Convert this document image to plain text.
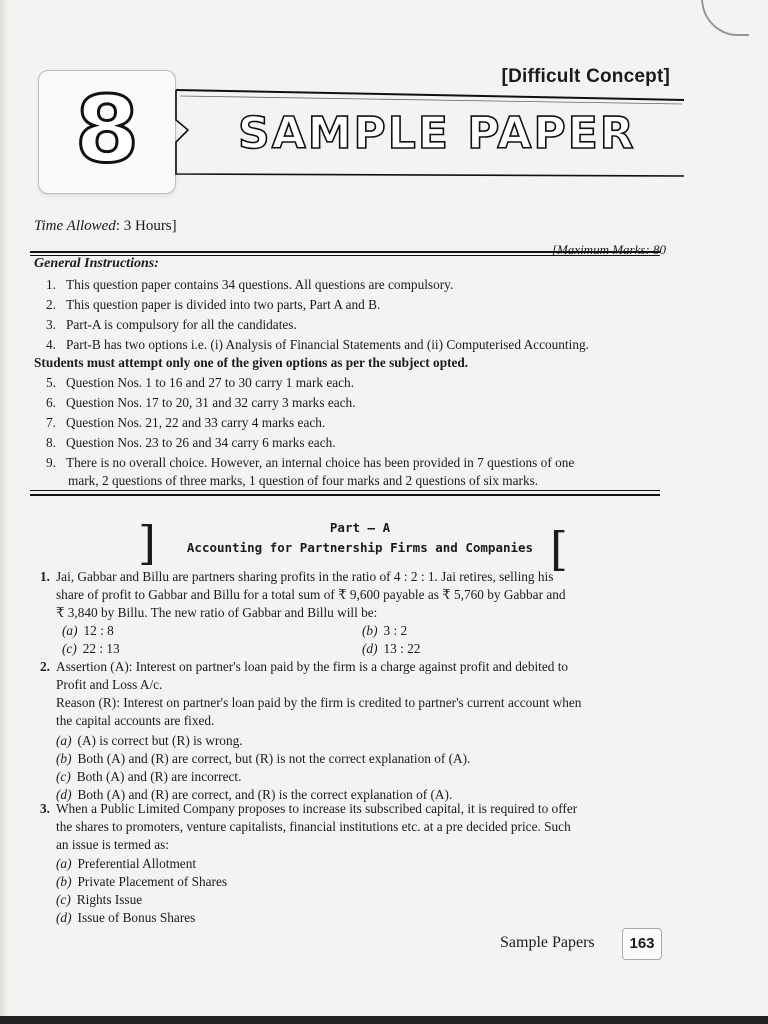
[Difficult Concept]
8	SAMPLE PAPER
Time Allowed: 3 Hours]
[Maximum Marks: 80
General Instructions:
1. This question paper contains 34 questions. All questions are compulsory.
2. This question paper is divided into two parts, Part A and B.
3. Part-A is compulsory for all the candidates.
4. Part-B has two options i.e. (i) Analysis of Financial Statements and (ii) Computerised Accounting.
Students must attempt only one of the given options as per the subject opted.
5. Question Nos. 1 to 16 and 27 to 30 carry 1 mark each.
6. Question Nos. 17 to 20, 31 and 32 carry 3 marks each.
7. Question Nos. 21, 22 and 33 carry 4 marks each.
8. Question Nos. 23 to 26 and 34 carry 6 marks each.
9. There is no overall choice. However, an internal choice has been provided in 7 questions of one
mark, 2 questions of three marks, 1 question of four marks and 2 questions of six marks.
]	Part – A
Accounting for Partnership Firms and Companies [
1. Jai, Gabbar and Billu are partners sharing profits in the ratio of 4 : 2 : 1. Jai retires, selling his
share of profit to Gabbar and Billu for a total sum of ₹ 9,600 payable as ₹ 5,760 by Gabbar and
₹ 3,840 by Billu. The new ratio of Gabbar and Billu will be:
(a) 12 : 8	(b) 3 : 2
(c) 22 : 13	(d) 13 : 22
2. Assertion (A): Interest on partner's loan paid by the firm is a charge against profit and debited to
Profit and Loss A/c.
Reason (R): Interest on partner's loan paid by the firm is credited to partner's current account when
the capital accounts are fixed.
(a) (A) is correct but (R) is wrong.
(b) Both (A) and (R) are correct, but (R) is not the correct explanation of (A).
(c) Both (A) and (R) are incorrect.
(d) Both (A) and (R) are correct, and (R) is the correct explanation of (A).
3. When a Public Limited Company proposes to increase its subscribed capital, it is required to offer
the shares to promoters, venture capitalists, financial institutions etc. at a pre decided price. Such
an issue is termed as:
(a) Preferential Allotment
(b) Private Placement of Shares
(c) Rights Issue
(d) Issue of Bonus Shares
Sample Papers	163
